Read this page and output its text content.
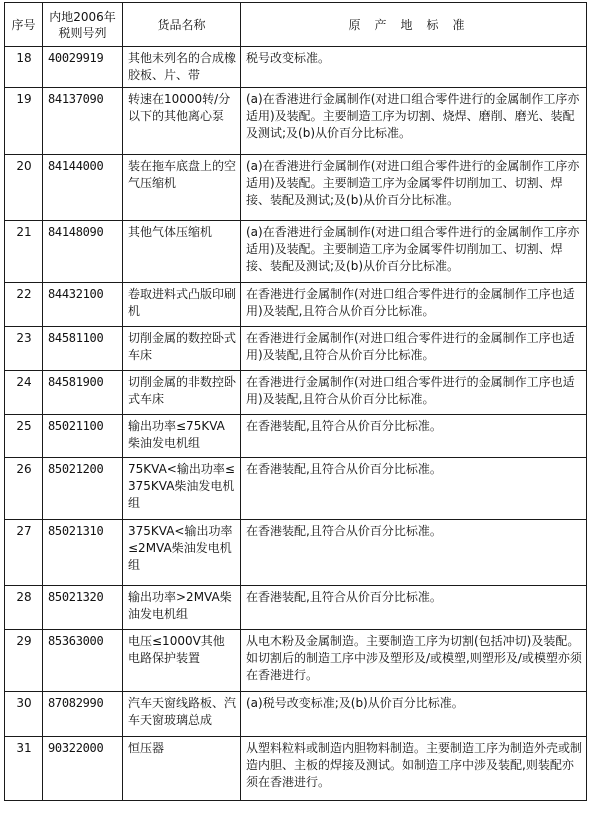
序号	内地2006年税则号列	货品名称	原产地标准
18	40029919	其他未列名的合成橡胶板、片、带	税号改变标准。
19	84137090	转速在10000转/分以下的其他离心泵	(a)在香港进行金属制作(对进口组合零件进行的金属制作工序亦适用)及装配。主要制造工序为切割、烧焊、磨削、磨光、装配及测试;及(b)从价百分比标准。
20	84144000	装在拖车底盘上的空气压缩机	(a)在香港进行金属制作(对进口组合零件进行的金属制作工序亦适用)及装配。主要制造工序为金属零件切削加工、切割、焊接、装配及测试;及(b)从价百分比标准。
21	84148090	其他气体压缩机	(a)在香港进行金属制作(对进口组合零件进行的金属制作工序亦适用)及装配。主要制造工序为金属零件切削加工、切割、焊接、装配及测试;及(b)从价百分比标准。
22	84432100	卷取进料式凸版印刷机	在香港进行金属制作(对进口组合零件进行的金属制作工序也适用)及装配,且符合从价百分比标准。
23	84581100	切削金属的数控卧式车床	在香港进行金属制作(对进口组合零件进行的金属制作工序也适用)及装配,且符合从价百分比标准。
24	84581900	切削金属的非数控卧式车床	在香港进行金属制作(对进口组合零件进行的金属制作工序也适用)及装配,且符合从价百分比标准。
25	85021100	输出功率≤75KVA柴油发电机组	在香港装配,且符合从价百分比标准。
26	85021200	75KVA<输出功率≤375KVA柴油发电机组	在香港装配,且符合从价百分比标准。
27	85021310	375KVA<输出功率≤2MVA柴油发电机组	在香港装配,且符合从价百分比标准。
28	85021320	输出功率>2MVA柴油发电机组	在香港装配,且符合从价百分比标准。
29	85363000	电压≤1000V其他电路保护装置	从电木粉及金属制造。主要制造工序为切割(包括冲切)及装配。如切割后的制造工序中涉及塑形及/或模塑,则塑形及/或模塑亦须在香港进行。
30	87082990	汽车天窗线路板、汽车天窗玻璃总成	(a)税号改变标准;及(b)从价百分比标准。
31	90322000	恒压器	从塑料粒料或制造内胆物料制造。主要制造工序为制造外壳或制造内胆、主板的焊接及测试。如制造工序中涉及装配,则装配亦须在香港进行。
